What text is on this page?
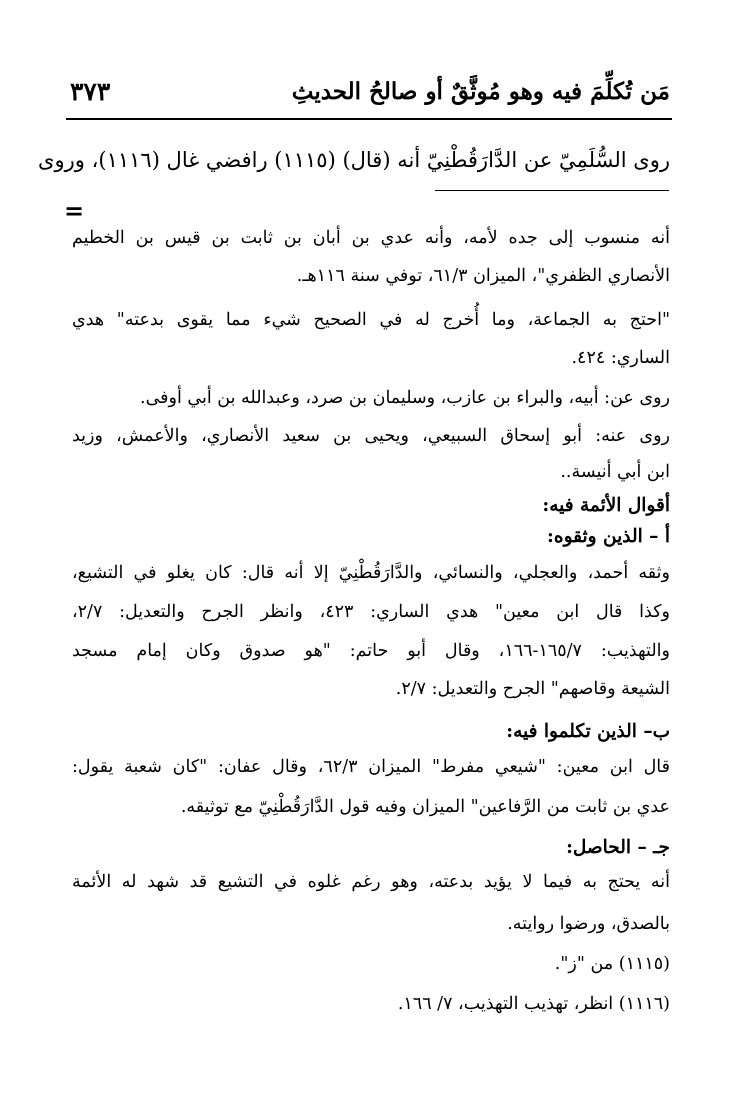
مَن تُكلِّمَ فيه وهو مُوثَّقٌ أو صالحُ الحديثِ
٣٧٣
روى السُّلَمِيّ عن الدَّارَقُطْنِيّ أنه (قال) (١١١٥) رافضي غال (١١١٦)، وروى
=
أنه منسوب إلى جده لأمه، وأنه عدي بن أبان بن ثابت بن قيس بن الخطيم
الأنصاري الظفري"، الميزان ٦١/٣، توفي سنة ١١٦هـ.
"احتج به الجماعة، وما أُخرج له في الصحيح شيء مما يقوى بدعته" هدي
الساري: ٤٢٤.
روى عن: أبيه، والبراء بن عازب، وسليمان بن صرد، وعبدالله بن أبي أوفى.
روى عنه: أبو إسحاق السبيعي، ويحيى بن سعيد الأنصاري، والأعمش، وزيد
ابن أبي أنيسة..
أقوال الأئمة فيه:
أ – الذين وثقوه:
وثقه أحمد، والعجلي، والنسائي، والدَّارَقُطْنِيّ إلا أنه قال: كان يغلو في التشيع،
وكذا قال ابن معين" هدي الساري: ٤٢٣، وانظر الجرح والتعديل: ٢/٧،
والتهذيب: ١٦٥/٧-١٦٦، وقال أبو حاتم: "هو صدوق وكان إمام مسجد
الشيعة وقاصهم" الجرح والتعديل: ٢/٧.
ب– الذين تكلموا فيه:
قال ابن معين: "شيعي مفرط" الميزان ٦٢/٣، وقال عفان: "كان شعبة يقول:
عدي بن ثابت من الرَّفاعين" الميزان وفيه قول الدَّارَقُطْنِيّ مع توثيقه.
جـ – الحاصل:
أنه يحتج به فيما لا يؤيد بدعته، وهو رغم غلوه في التشيع قد شهد له الأئمة
بالصدق، ورضوا روايته.
(١١١٥) من "ز".
(١١١٦) انظر، تهذيب التهذيب، ٧/ ١٦٦.
